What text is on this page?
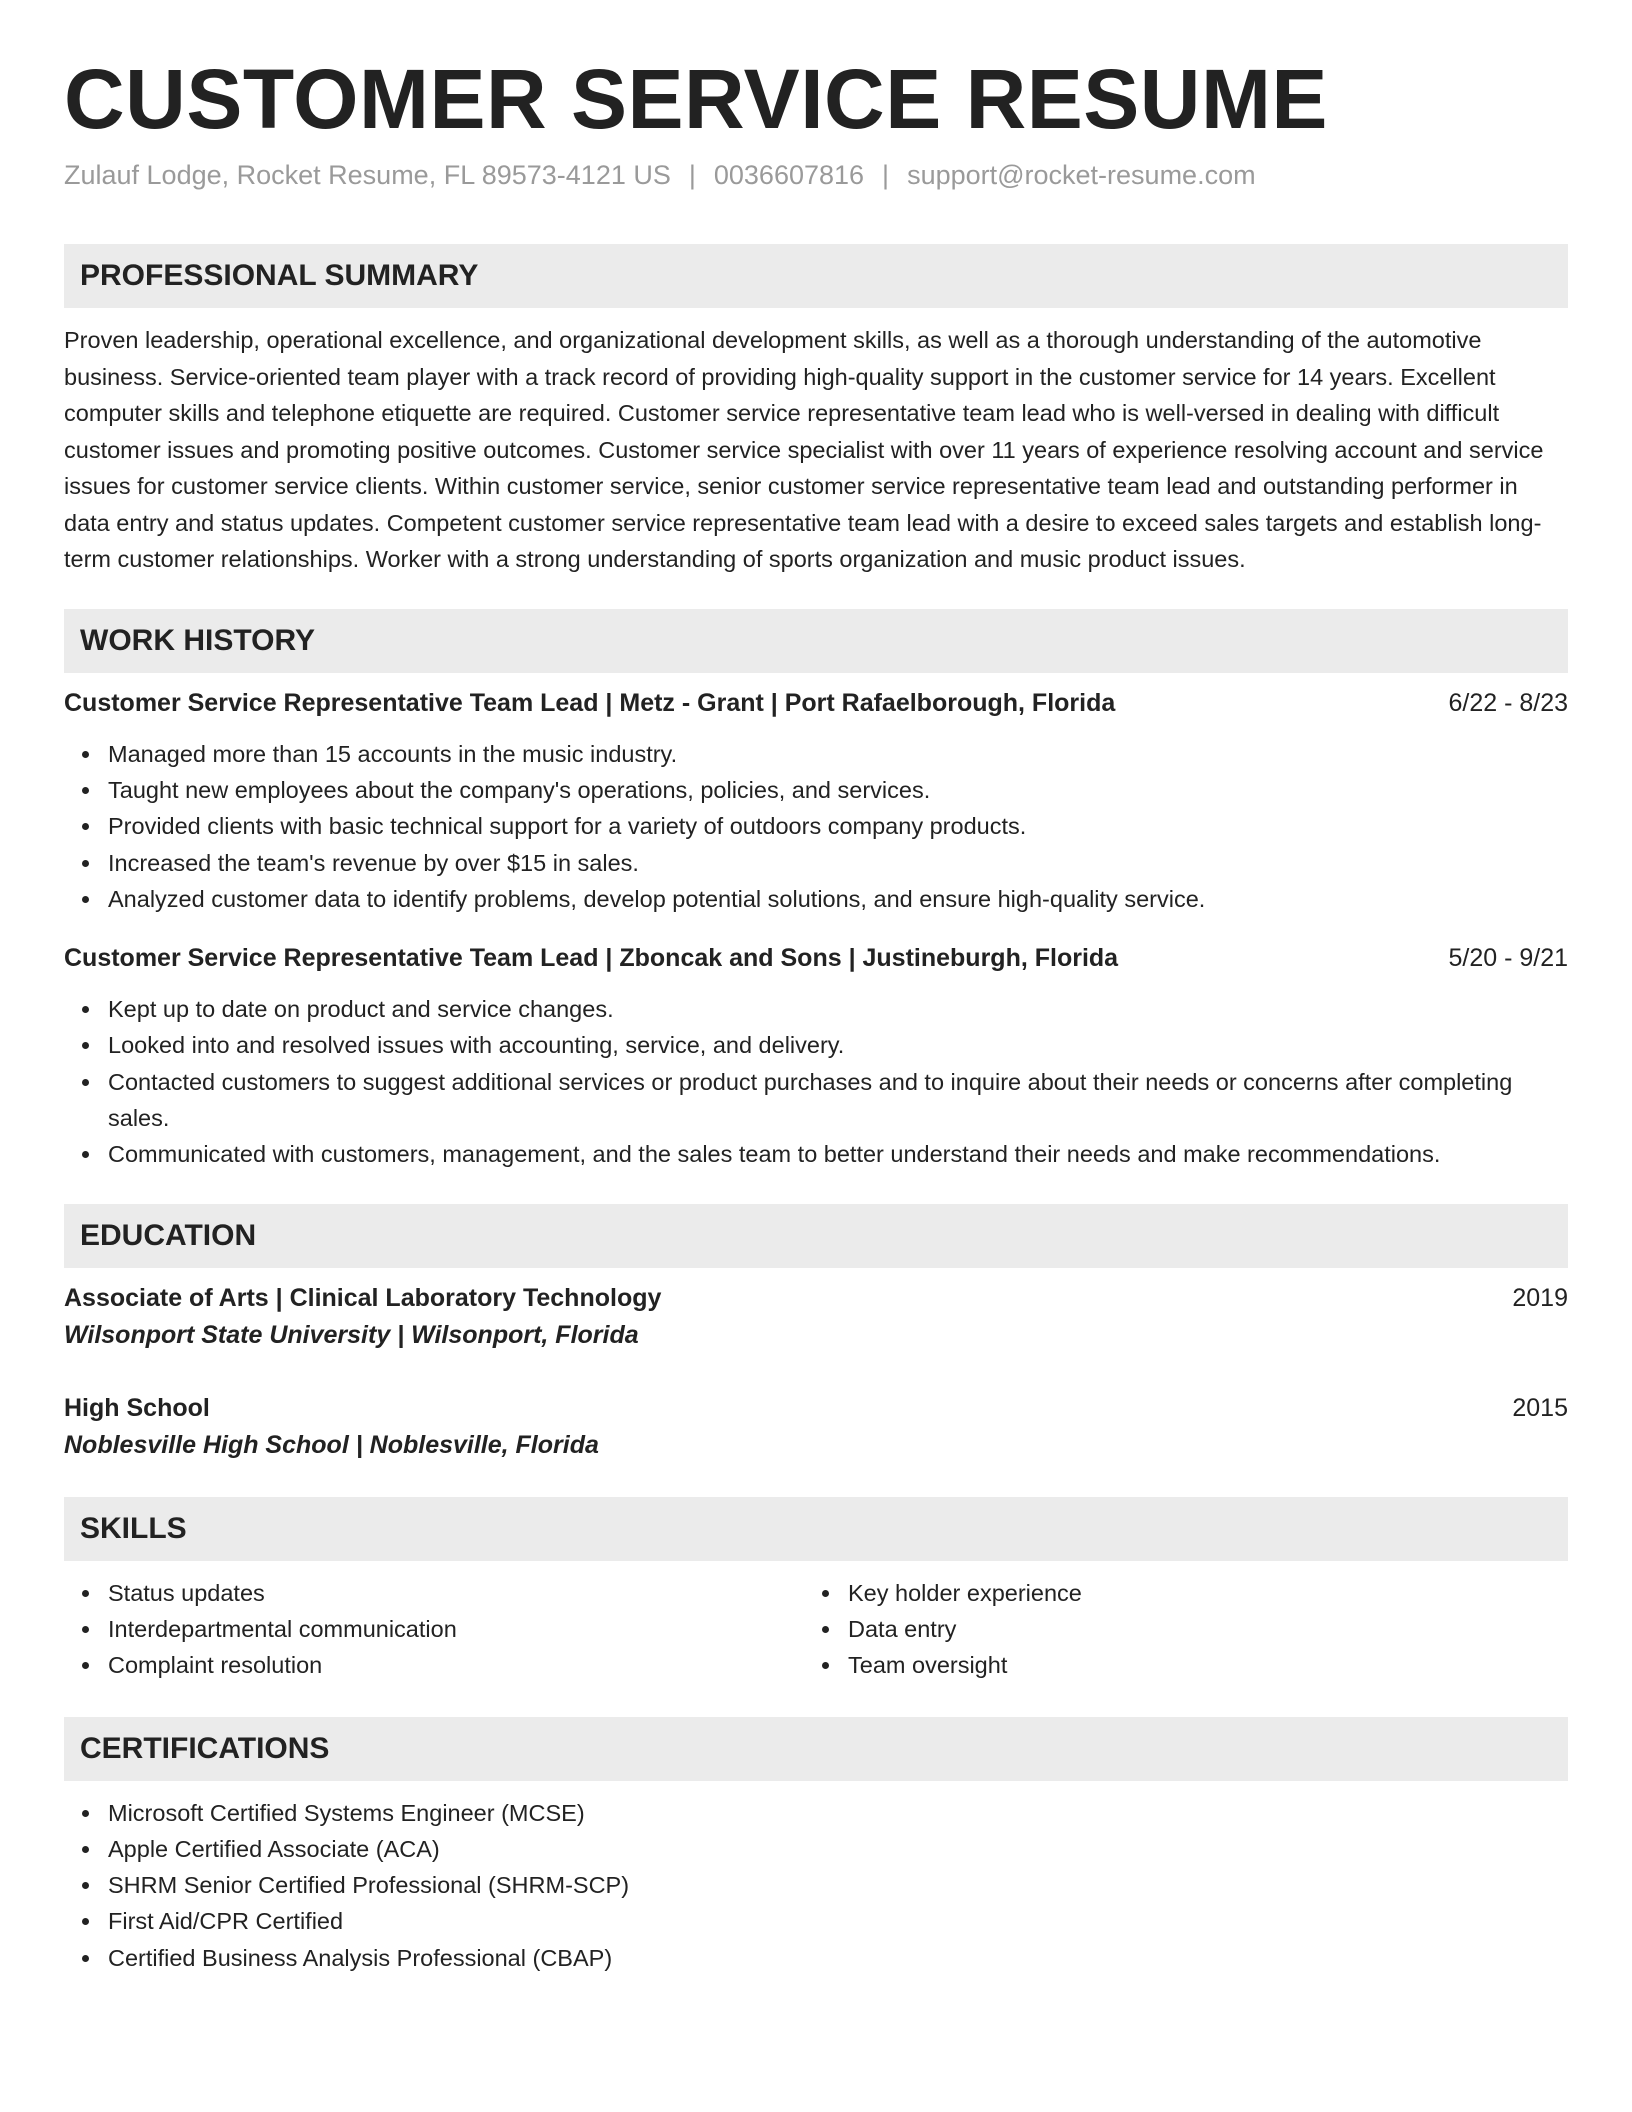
CUSTOMER SERVICE RESUME
Zulauf Lodge, Rocket Resume, FL 89573-4121 US | 0036607816 | support@rocket-resume.com
PROFESSIONAL SUMMARY
Proven leadership, operational excellence, and organizational development skills, as well as a thorough understanding of the automotive business. Service-oriented team player with a track record of providing high-quality support in the customer service for 14 years. Excellent computer skills and telephone etiquette are required. Customer service representative team lead who is well-versed in dealing with difficult customer issues and promoting positive outcomes. Customer service specialist with over 11 years of experience resolving account and service issues for customer service clients. Within customer service, senior customer service representative team lead and outstanding performer in data entry and status updates. Competent customer service representative team lead with a desire to exceed sales targets and establish long-term customer relationships. Worker with a strong understanding of sports organization and music product issues.
WORK HISTORY
Customer Service Representative Team Lead | Metz - Grant | Port Rafaelborough, Florida	6/22 - 8/23
Managed more than 15 accounts in the music industry.
Taught new employees about the company's operations, policies, and services.
Provided clients with basic technical support for a variety of outdoors company products.
Increased the team's revenue by over $15 in sales.
Analyzed customer data to identify problems, develop potential solutions, and ensure high-quality service.
Customer Service Representative Team Lead | Zboncak and Sons | Justineburgh, Florida	5/20 - 9/21
Kept up to date on product and service changes.
Looked into and resolved issues with accounting, service, and delivery.
Contacted customers to suggest additional services or product purchases and to inquire about their needs or concerns after completing sales.
Communicated with customers, management, and the sales team to better understand their needs and make recommendations.
EDUCATION
Associate of Arts | Clinical Laboratory Technology	2019
Wilsonport State University | Wilsonport, Florida
High School	2015
Noblesville High School | Noblesville, Florida
SKILLS
Status updates
Interdepartmental communication
Complaint resolution
Key holder experience
Data entry
Team oversight
CERTIFICATIONS
Microsoft Certified Systems Engineer (MCSE)
Apple Certified Associate (ACA)
SHRM Senior Certified Professional (SHRM-SCP)
First Aid/CPR Certified
Certified Business Analysis Professional (CBAP)
